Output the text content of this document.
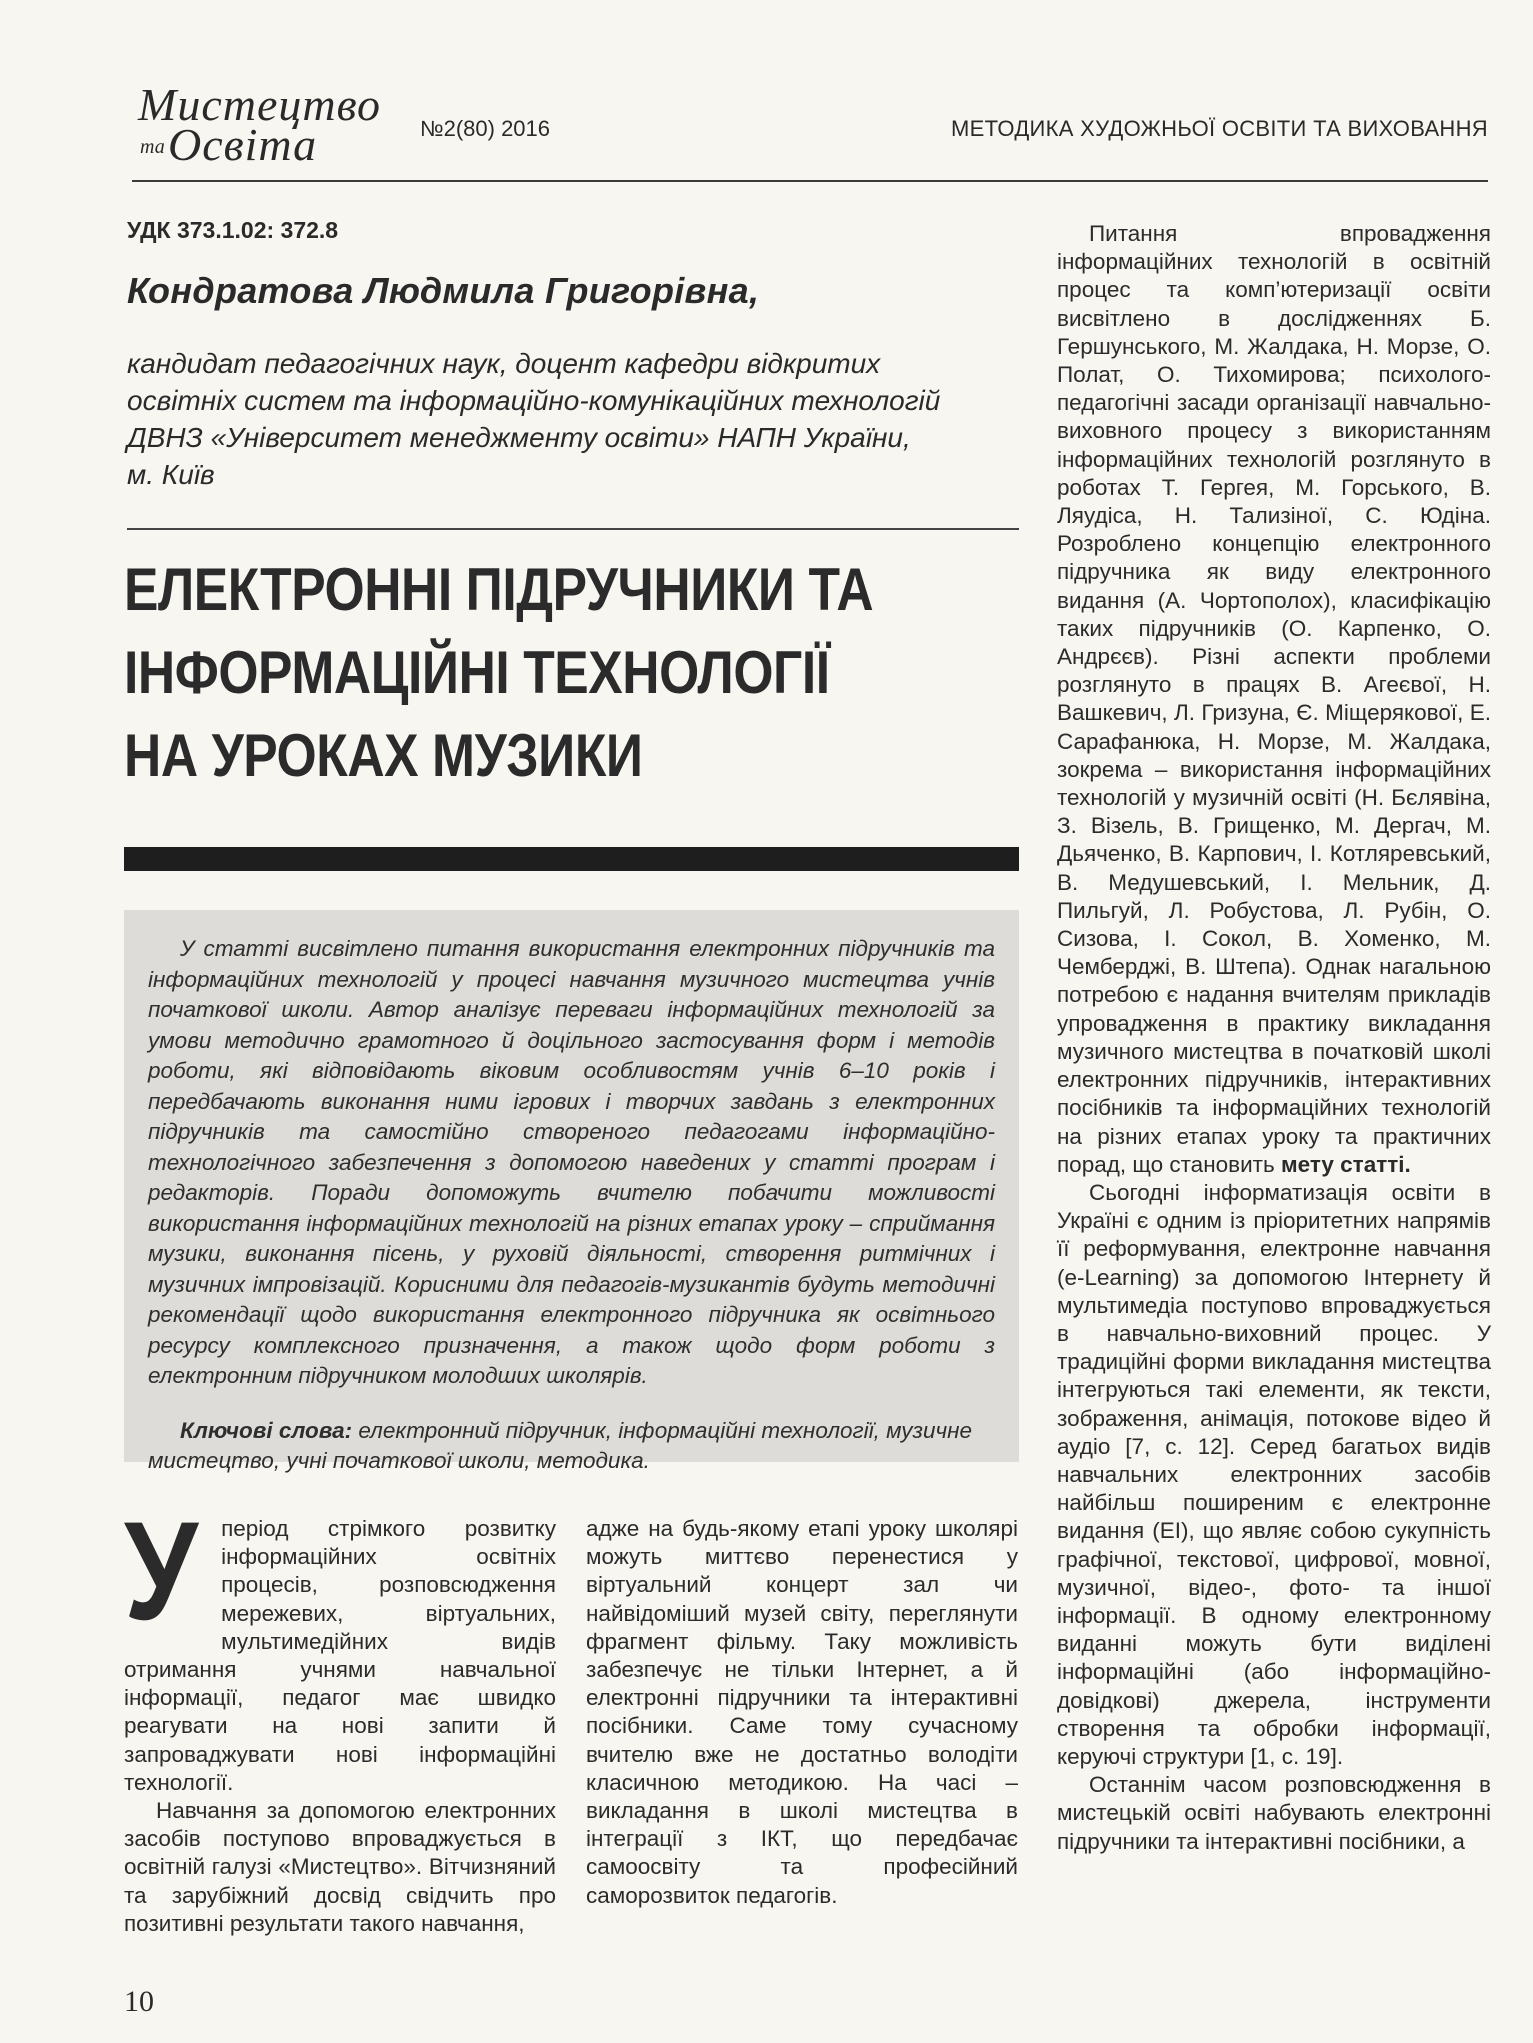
Мистецтво
та Освіта	№2(80) 2016	МЕТОДИКА ХУДОЖНЬОЇ ОСВІТИ ТА ВИХОВАННЯ
УДК 373.1.02: 372.8
Кондратова Людмила Григорівна,
кандидат педагогічних наук, доцент кафедри відкритих
освітніх систем та інформаційно-комунікаційних технологій
ДВНЗ «Університет менеджменту освіти» НАПН України,
м. Київ
ЕЛЕКТРОННІ ПІДРУЧНИКИ ТА
ІНФОРМАЦІЙНІ ТЕХНОЛОГІЇ
НА УРОКАХ МУЗИКИ
У статті висвітлено питання використання електронних підручників та інформаційних технологій у процесі навчання музичного мистецтва учнів початкової школи. Автор аналізує переваги інформаційних технологій за умови методично грамотного й доцільного застосування форм і методів роботи, які відповідають віковим особливостям учнів 6–10 років і передбачають виконання ними ігрових і творчих завдань з електронних підручників та самостійно створеного педагогами інформаційно-технологічного забезпечення з допомогою наведених у статті програм і редакторів. Поради допоможуть вчителю побачити можливості використання інформаційних технологій на різних етапах уроку – сприймання музики, виконання пісень, у руховій діяльності, створення ритмічних і музичних імпровізацій. Корисними для педагогів-музикантів будуть методичні рекомендації щодо використання електронного підручника як освітнього ресурсу комплексного призначення, а також щодо форм роботи з електронним підручником молодших школярів.
Ключові слова: електронний підручник, інформаційні технології, музичне мистецтво, учні початкової школи, методика.

У період стрімкого розвитку інформаційних освітніх процесів, розповсюдження мережевих, віртуальних, мультимедійних видів отримання учнями навчальної інформації, педагог має швидко реагувати на нові запити й запроваджувати нові інформаційні технології.

Навчання за допомогою електронних засобів поступово впроваджується в освітній галузі «Мистецтво». Вітчизняний та зарубіжний досвід свідчить про позитивні результати такого навчання,

адже на будь-якому етапі уроку школярі можуть миттєво перенестися у віртуальний концерт зал чи найвідоміший музей світу, переглянути фрагмент фільму. Таку можливість забезпечує не тільки Інтернет, а й електронні підручники та інтерактивні посібники. Саме тому сучасному вчителю вже не достатньо володіти класичною методикою. На часі – викладання в школі мистецтва в інтеграції з ІКТ, що передбачає самоосвіту та професійний саморозвиток педагогів.

Питання впровадження інформаційних технологій в освітній процес та комп’ютеризації освіти висвітлено в дослідженнях Б. Гершунського, М. Жалдака, Н. Морзе, О. Полат, О. Тихомирова; психолого-педагогічні засади організації навчально-виховного процесу з використанням інформаційних технологій розглянуто в роботах Т. Гергея, М. Горського, В. Ляудіса, Н. Тализіної, С. Юдіна. Розроблено концепцію електронного підручника як виду електронного видання (А. Чортополох), класифікацію таких підручників (О. Карпенко, О. Андрєєв). Різні аспекти проблеми розглянуто в працях В. Агеєвої, Н. Вашкевич, Л. Гризуна, Є. Міщерякової, Е. Сарафанюка, Н. Морзе, М. Жалдака, зокрема – використання інформаційних технологій у музичній освіті (Н. Бєлявіна, З. Візель, В. Грищенко, М. Дергач, М. Дьяченко, В. Карпович, І. Котляревський, В. Медушевський, І. Мельник, Д. Пильгуй, Л. Робустова, Л. Рубін, О. Сизова, І. Сокол, В. Хоменко, М. Чемберджі, В. Штепа). Однак нагальною потребою є надання вчителям прикладів упровадження в практику викладання музичного мистецтва в початковій школі електронних підручників, інтерактивних посібників та інформаційних технологій на різних етапах уроку та практичних порад, що становить мету статті.

Сьогодні інформатизація освіти в Україні є одним із пріоритетних напрямів її реформування, електронне навчання (e-Learning) за допомогою Інтернету й мультимедіа поступово впроваджується в навчально-виховний процес. У традиційні форми викладання мистецтва інтегруються такі елементи, як тексти, зображення, анімація, потокове відео й аудіо [7, с. 12]. Серед багатьох видів навчальних електронних засобів найбільш поширеним є електронне видання (ЕІ), що являє собою сукупність графічної, текстової, цифрової, мовної, музичної, відео-, фото- та іншої інформації. В одному електронному виданні можуть бути виділені інформаційні (або інформаційно-довідкові) джерела, інструменти створення та обробки інформації, керуючі структури [1, с. 19].

Останнім часом розповсюдження в мистецькій освіті набувають електронні підручники та інтерактивні посібники, а

10
